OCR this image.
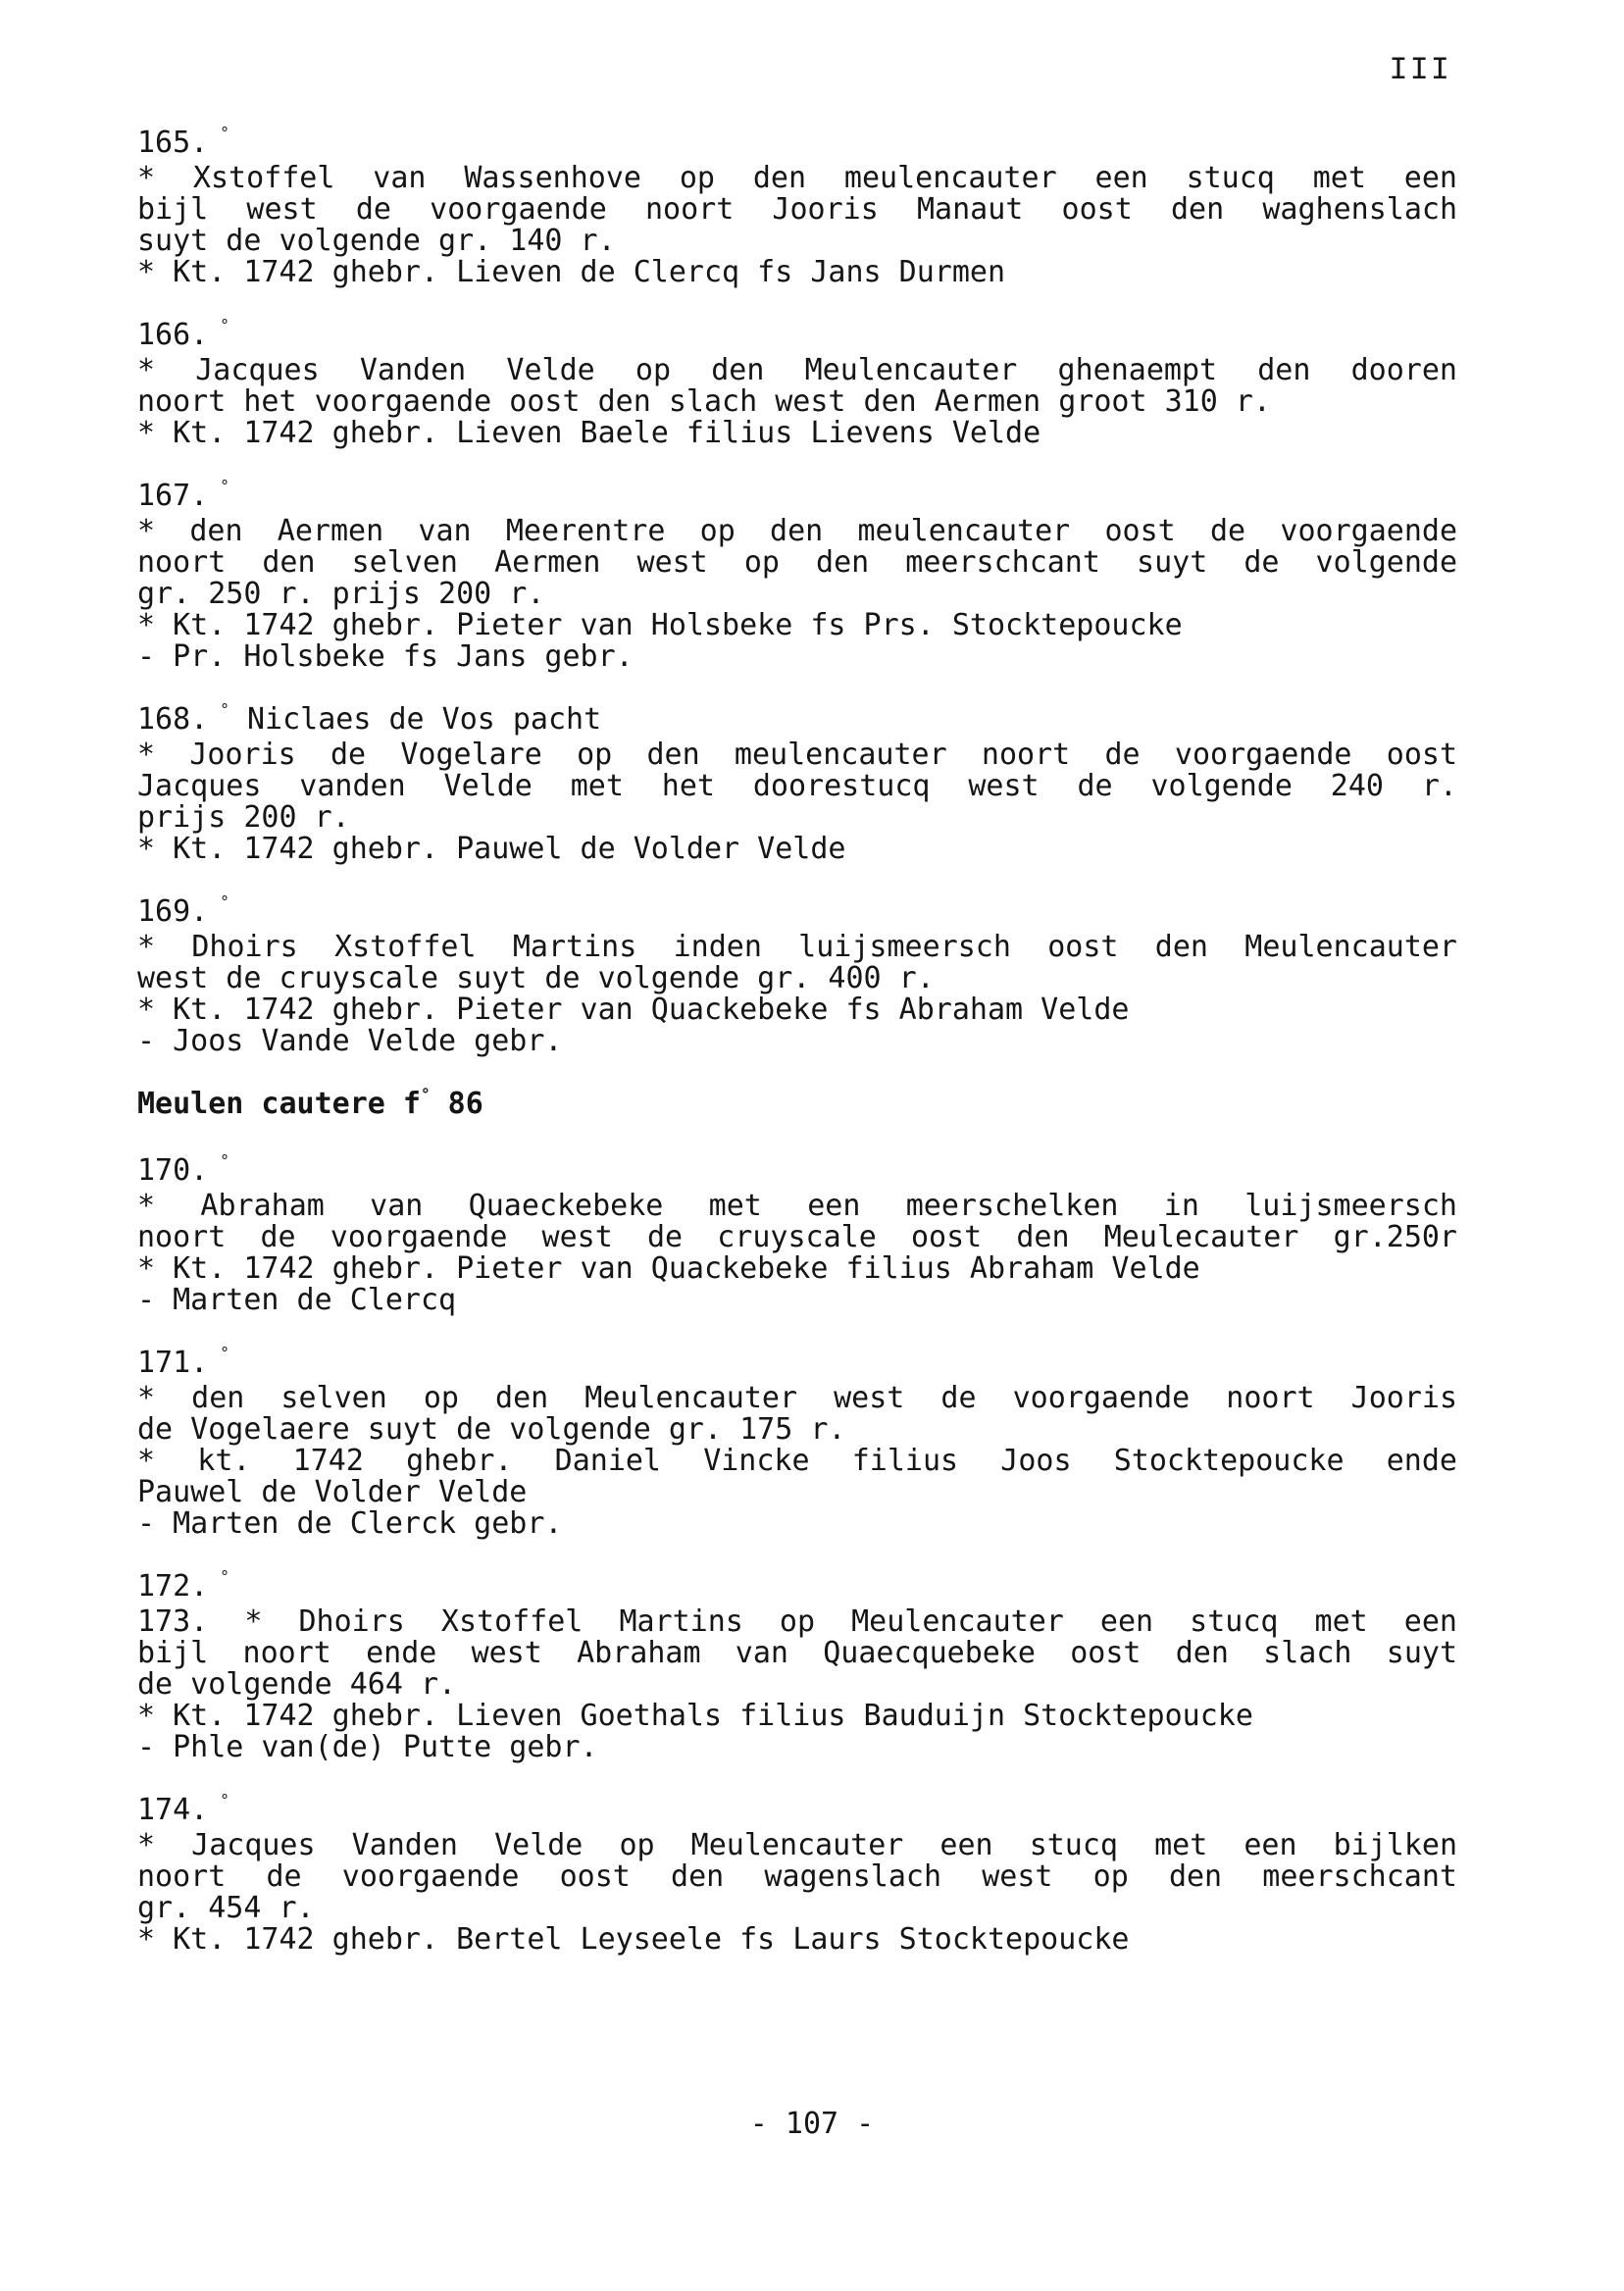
III
165. °
* Xstoffel van Wassenhove op den meulencauter een stucq met een
bijl west de voorgaende noort Jooris Manaut oost den waghenslach
suyt de volgende gr. 140 r.
* Kt. 1742 ghebr. Lieven de Clercq fs Jans Durmen
166. °
* Jacques Vanden Velde op den Meulencauter ghenaempt den dooren
noort het voorgaende oost den slach west den Aermen groot 310 r.
* Kt. 1742 ghebr. Lieven Baele filius Lievens Velde
167. °
* den Aermen van Meerentre op den meulencauter oost de voorgaende
noort den selven Aermen west op den meerschcant suyt de volgende
gr. 250 r. prijs 200 r.
* Kt. 1742 ghebr. Pieter van Holsbeke fs Prs. Stocktepoucke
- Pr. Holsbeke fs Jans gebr.
168. ° Niclaes de Vos pacht
* Jooris de Vogelare op den meulencauter noort de voorgaende oost
Jacques vanden Velde met het doorestucq west de volgende 240 r.
prijs 200 r.
* Kt. 1742 ghebr. Pauwel de Volder Velde
169. °
* Dhoirs Xstoffel Martins inden luijsmeersch oost den Meulencauter
west de cruyscale suyt de volgende gr. 400 r.
* Kt. 1742 ghebr. Pieter van Quackebeke fs Abraham Velde
- Joos Vande Velde gebr.
Meulen cautere f° 86
170. °
* Abraham van Quaeckebeke met een meerschelken in luijsmeersch
noort de voorgaende west de cruyscale oost den Meulecauter gr.250r
* Kt. 1742 ghebr. Pieter van Quackebeke filius Abraham Velde
- Marten de Clercq
171. °
* den selven op den Meulencauter west de voorgaende noort Jooris
de Vogelaere suyt de volgende gr. 175 r.
* kt. 1742 ghebr. Daniel Vincke filius Joos Stocktepoucke ende
Pauwel de Volder Velde
- Marten de Clerck gebr.
172. °
173. * Dhoirs Xstoffel Martins op Meulencauter een stucq met een
bijl noort ende west Abraham van Quaecquebeke oost den slach suyt
de volgende 464 r.
* Kt. 1742 ghebr. Lieven Goethals filius Bauduijn Stocktepoucke
- Phle van(de) Putte gebr.
174. °
* Jacques Vanden Velde op Meulencauter een stucq met een bijlken
noort de voorgaende oost den wagenslach west op den meerschcant
gr. 454 r.
* Kt. 1742 ghebr. Bertel Leyseele fs Laurs Stocktepoucke
- 107 -
